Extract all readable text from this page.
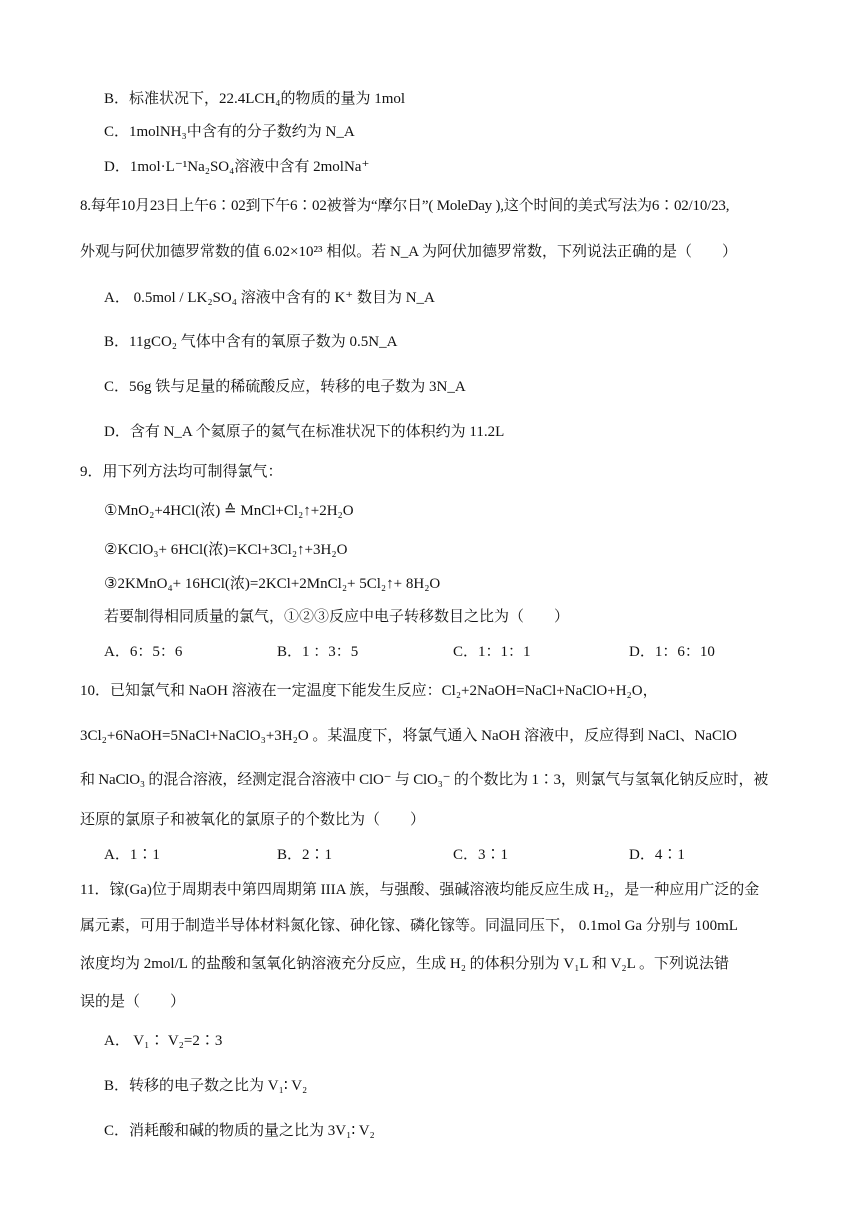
B．标准状况下，22.4LCH₄的物质的量为 1mol
C．1molNH₃中含有的分子数约为 N_A
D．1mol·L⁻¹Na₂SO₄溶液中含有 2molNa⁺
8.每年10月23日上午6∶02到下午6∶02被誉为“摩尔日”( MoleDay ),这个时间的美式写法为6∶02/10/23,
外观与阿伏加德罗常数的值 6.02×10²³ 相似。若 N_A 为阿伏加德罗常数，下列说法正确的是（　　）
A． 0.5mol / LK₂SO₄ 溶液中含有的 K⁺ 数目为 N_A
B．11gCO₂ 气体中含有的氧原子数为 0.5N_A
C．56g 铁与足量的稀硫酸反应，转移的电子数为 3N_A
D．含有 N_A 个氦原子的氦气在标准状况下的体积约为 11.2L
9．用下列方法均可制得氯气：
①MnO₂+4HCl(浓) ≙ MnCl+Cl₂↑+2H₂O
②KClO₃+ 6HCl(浓)=KCl+3Cl₂↑+3H₂O
③2KMnO₄+ 16HCl(浓)=2KCl+2MnCl₂+ 5Cl₂↑+ 8H₂O
若要制得相同质量的氯气，①②③反应中电子转移数目之比为（　　）
A．6：5：6	B．1 ：3：5	C．1：1：1	D．1：6：10
10．已知氯气和 NaOH 溶液在一定温度下能发生反应：Cl₂+2NaOH=NaCl+NaClO+H₂O，
3Cl₂+6NaOH=5NaCl+NaClO₃+3H₂O 。某温度下，将氯气通入 NaOH 溶液中，反应得到 NaCl、NaClO
和 NaClO₃ 的混合溶液，经测定混合溶液中 ClO⁻ 与 ClO₃⁻ 的个数比为 1∶3，则氯气与氢氧化钠反应时，被
还原的氯原子和被氧化的氯原子的个数比为（　　）
A．1∶1	B．2∶1	C．3∶1	D．4∶1
11．镓(Ga)位于周期表中第四周期第 IIIA 族，与强酸、强碱溶液均能反应生成 H₂，是一种应用广泛的金
属元素，可用于制造半导体材料氮化镓、砷化镓、磷化镓等。同温同压下， 0.1mol Ga 分别与 100mL
浓度均为 2mol/L 的盐酸和氢氧化钠溶液充分反应，生成 H₂ 的体积分别为 V₁L 和 V₂L 。下列说法错
误的是（　　）
A． V₁∶ V₂=2∶3
B．转移的电子数之比为 V₁∶ V₂
C．消耗酸和碱的物质的量之比为 3V₁∶ V₂
